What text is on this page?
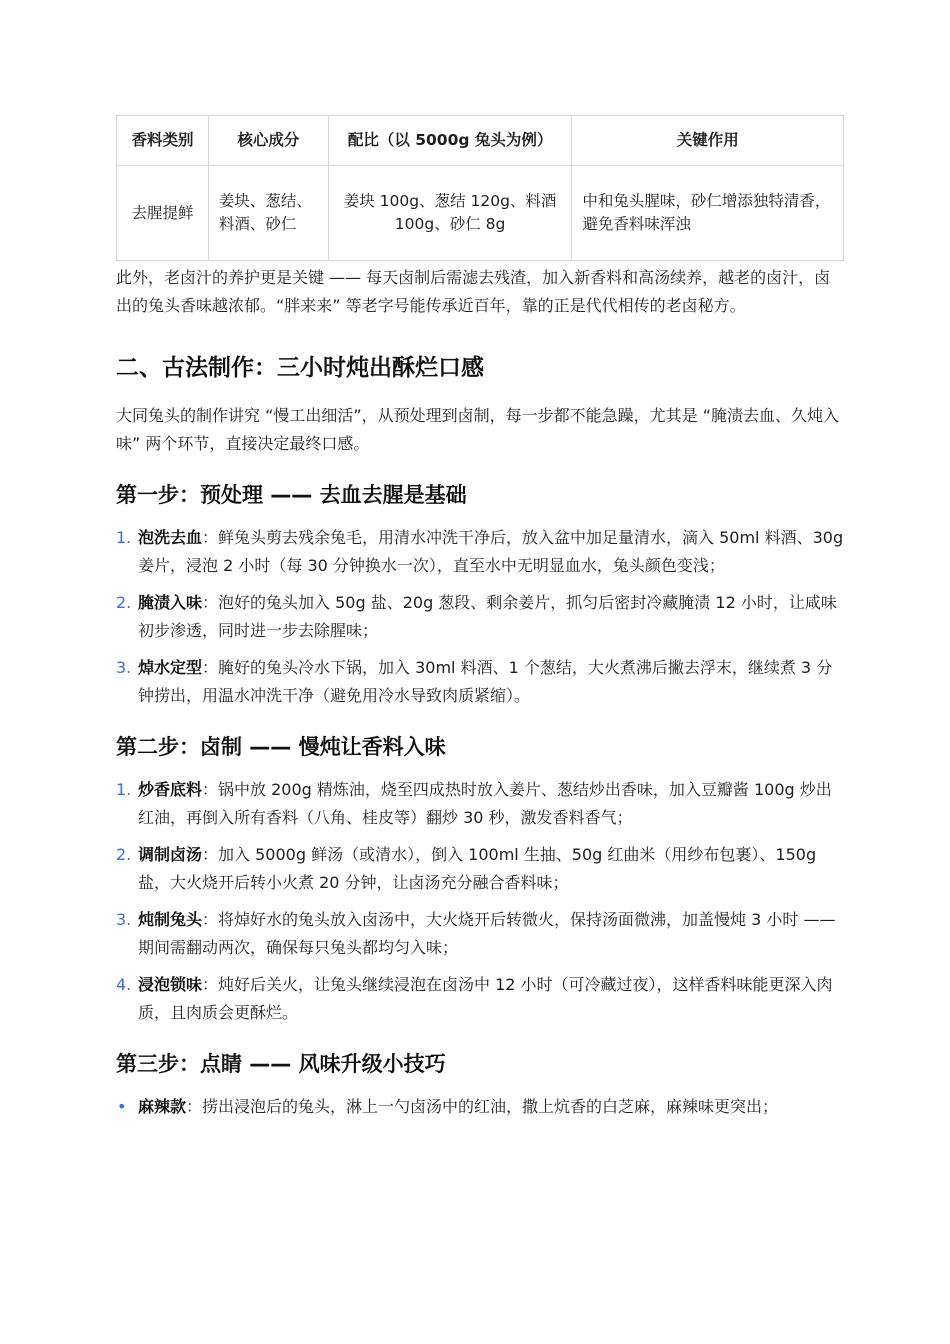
香料类别	核心成分	配比（以 5000g 兔头为例）	关键作用
去腥提鲜	姜块、葱结、料酒、砂仁	姜块 100g、葱结 120g、料酒 100g、砂仁 8g	中和兔头腥味，砂仁增添独特清香，避免香料味浑浊

此外，老卤汁的养护更是关键 —— 每天卤制后需滤去残渣，加入新香料和高汤续养，越老的卤汁，卤出的兔头香味越浓郁。“胖来来” 等老字号能传承近百年，靠的正是代代相传的老卤秘方。

二、古法制作：三小时炖出酥烂口感

大同兔头的制作讲究 “慢工出细活”，从预处理到卤制，每一步都不能急躁，尤其是 “腌渍去血、久炖入味” 两个环节，直接决定最终口感。

第一步：预处理 —— 去血去腥是基础
1. 泡洗去血：鲜兔头剪去残余兔毛，用清水冲洗干净后，放入盆中加足量清水，滴入 50ml 料酒、30g 姜片，浸泡 2 小时（每 30 分钟换水一次），直至水中无明显血水，兔头颜色变浅；
2. 腌渍入味：泡好的兔头加入 50g 盐、20g 葱段、剩余姜片，抓匀后密封冷藏腌渍 12 小时，让咸味初步渗透，同时进一步去除腥味；
3. 焯水定型：腌好的兔头冷水下锅，加入 30ml 料酒、1 个葱结，大火煮沸后撇去浮末，继续煮 3 分钟捞出，用温水冲洗干净（避免用冷水导致肉质紧缩）。
第二步：卤制 —— 慢炖让香料入味
1. 炒香底料：锅中放 200g 精炼油，烧至四成热时放入姜片、葱结炒出香味，加入豆瓣酱 100g 炒出红油，再倒入所有香料（八角、桂皮等）翻炒 30 秒，激发香料香气；
2. 调制卤汤：加入 5000g 鲜汤（或清水），倒入 100ml 生抽、50g 红曲米（用纱布包裹）、150g 盐，大火烧开后转小火煮 20 分钟，让卤汤充分融合香料味；
3. 炖制兔头：将焯好水的兔头放入卤汤中，大火烧开后转微火，保持汤面微沸，加盖慢炖 3 小时 —— 期间需翻动两次，确保每只兔头都均匀入味；
4. 浸泡锁味：炖好后关火，让兔头继续浸泡在卤汤中 12 小时（可冷藏过夜），这样香料味能更深入肉质，且肉质会更酥烂。
第三步：点睛 —— 风味升级小技巧
• 麻辣款：捞出浸泡后的兔头，淋上一勺卤汤中的红油，撒上炕香的白芝麻，麻辣味更突出；
